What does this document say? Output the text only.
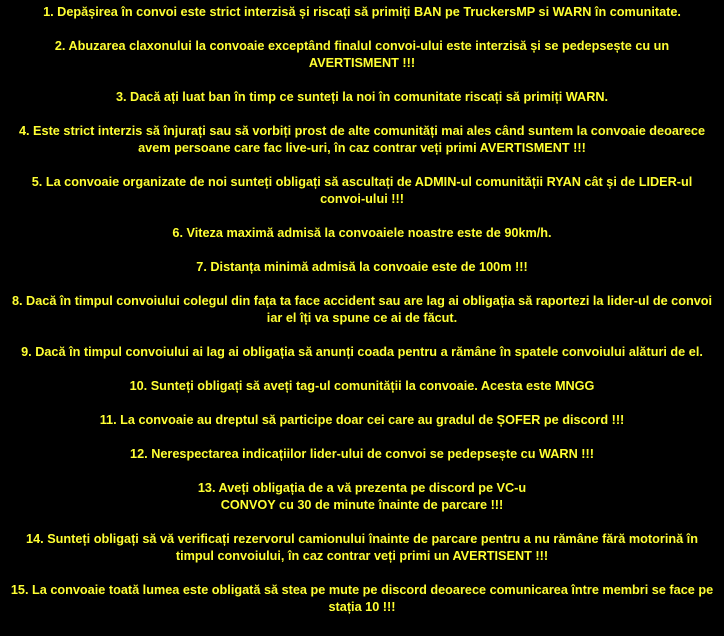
1. Depășirea în convoi este strict interzisă și riscați să primiți BAN pe TruckersMP si WARN în comunitate.
2. Abuzarea claxonului la convoaie exceptând finalul convoi-ului este interzisă și se pedepsește cu un
AVERTISMENT !!!
3. Dacă ați luat ban în timp ce sunteți la noi în comunitate riscați să primiți WARN.
4. Este strict interzis să înjurați sau să vorbiți prost de alte comunități mai ales când suntem la convoaie deoarece
avem persoane care fac live-uri, în caz contrar veți primi AVERTISMENT !!!
5. La convoaie organizate de noi sunteți obligați să ascultați de ADMIN-ul comunității RYAN cât și de LIDER-ul
convoi-ului !!!
6. Viteza maximă admisă la convoaiele noastre este de 90km/h.
7. Distanța minimă admisă la convoaie este de 100m !!!
8. Dacă în timpul convoiului colegul din fața ta face accident sau are lag ai obligația să raportezi la lider-ul de convoi
iar el îți va spune ce ai de făcut.
9. Dacă în timpul convoiului ai lag ai obligația să anunți coada pentru a rămâne în spatele convoiului alături de el.
10. Sunteți obligați să aveți tag-ul comunității la convoaie. Acesta este MNGG
11. La convoaie au dreptul să participe doar cei care au gradul de ȘOFER pe discord !!!
12. Nerespectarea indicațiilor lider-ului de convoi se pedepsește cu WARN !!!
13. Aveți obligația de a vă prezenta pe discord pe VC-u
CONVOY cu 30 de minute înainte de parcare !!!
14. Sunteți obligați să vă verificați rezervorul camionului înainte de parcare pentru a nu rămâne fără motorină în
timpul convoiului, în caz contrar veți primi un AVERTISENT !!!
15. La convoaie toată lumea este obligată să stea pe mute pe discord deoarece comunicarea între membri se face pe
stația 10 !!!
